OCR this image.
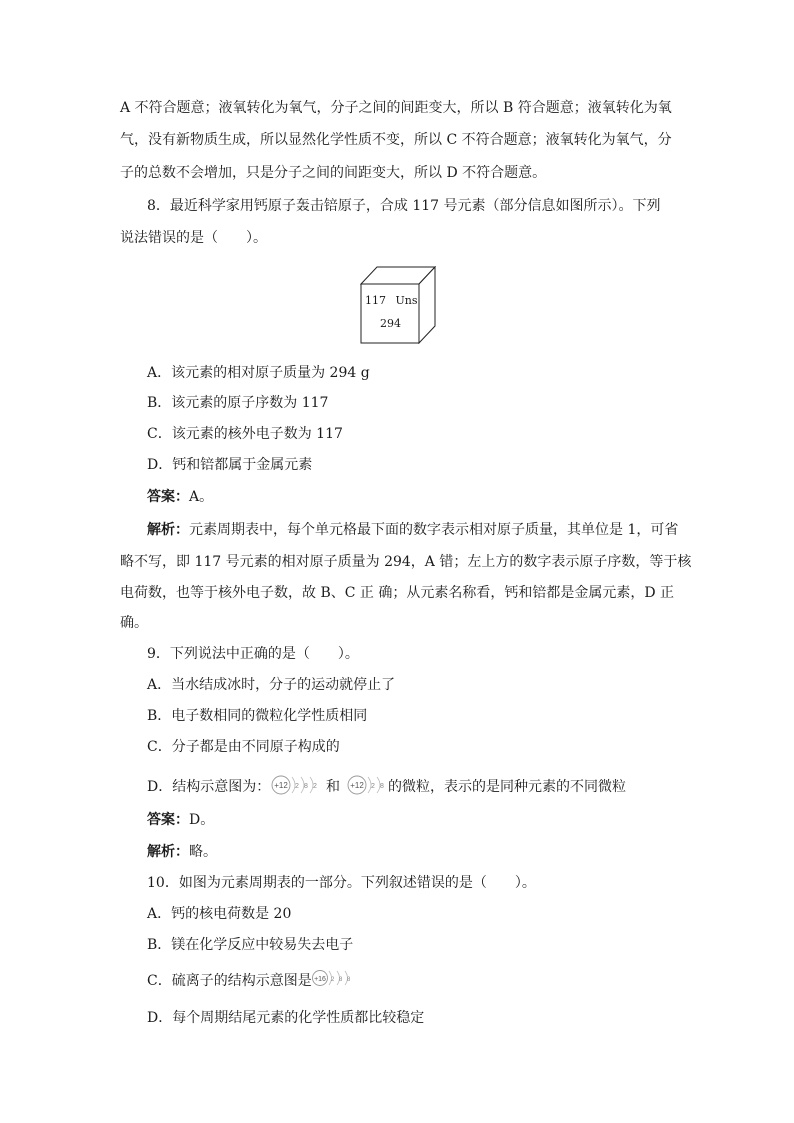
A 不符合题意；液氧转化为氧气，分子之间的间距变大，所以 B 符合题意；液氧转化为氧
气，没有新物质生成，所以显然化学性质不变，所以 C 不符合题意；液氧转化为氧气，分
子的总数不会增加，只是分子之间的间距变大，所以 D 不符合题意。
8．最近科学家用钙原子轰击锫原子，合成 117 号元素（部分信息如图所示）。下列
说法错误的是（　　）。
117 Uns
294
A．该元素的相对原子质量为 294 g
B．该元素的原子序数为 117
C．该元素的核外电子数为 117
D．钙和锫都属于金属元素
答案：A。
解析：元素周期表中，每个单元格最下面的数字表示相对原子质量，其单位是 1，可省
略不写，即 117 号元素的相对原子质量为 294，A 错；左上方的数字表示原子序数，等于核
电荷数，也等于核外电子数，故 B、C 正 确；从元素名称看，钙和锫都是金属元素，D 正
确。
9．下列说法中正确的是（　　）。
A．当水结成冰时，分子的运动就停止了
B．电子数相同的微粒化学性质相同
C．分子都是由不同原子构成的
D．结构示意图为： +12 2 8 2 和 +12 2 8 的微粒，表示的是同种元素的不同微粒
答案：D。
解析：略。
10．如图为元素周期表的一部分。下列叙述错误的是（　　）。
A．钙的核电荷数是 20
B．镁在化学反应中较易失去电子
C．硫离子的结构示意图是 +16 2 8 8
D．每个周期结尾元素的化学性质都比较稳定
